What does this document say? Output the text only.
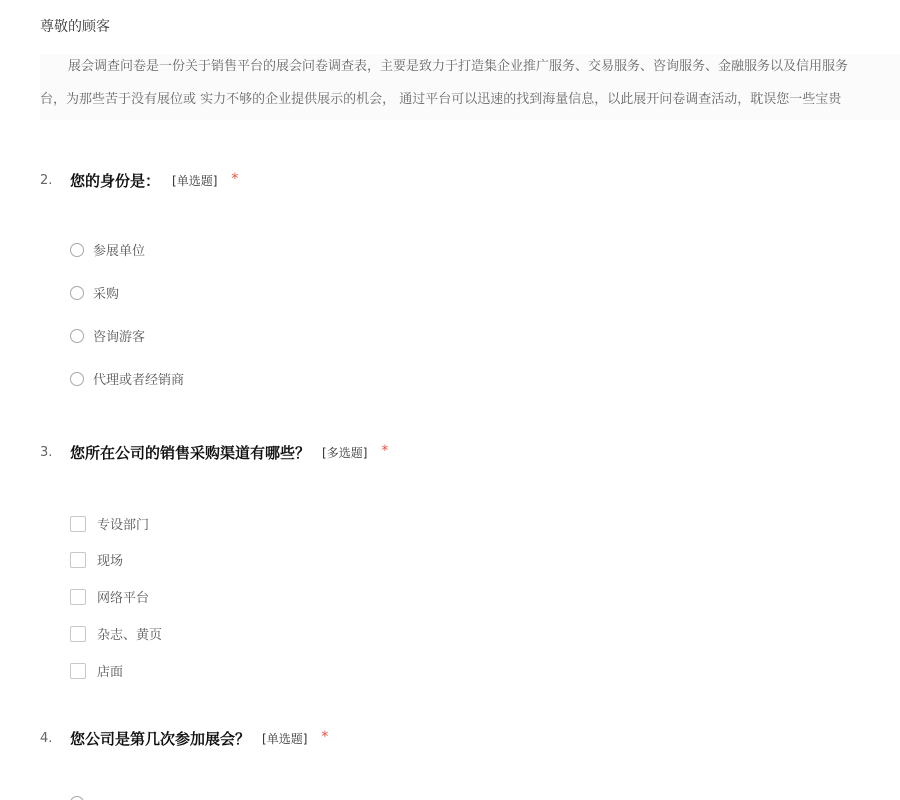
尊敬的顾客
展会调查问卷是一份关于销售平台的展会问卷调查表，主要是致力于打造集企业推广服务、交易服务、咨询服务、金融服务以及信用服务
台，为那些苦于没有展位或 实力不够的企业提供展示的机会， 通过平台可以迅速的找到海量信息，以此展开问卷调查活动，耽误您一些宝贵
2.	您的身份是： [单选题] *
参展单位
采购
咨询游客
代理或者经销商
3.	您所在公司的销售采购渠道有哪些？ [多选题] *
专设部门
现场
网络平台
杂志、黄页
店面
4.	您公司是第几次参加展会？ [单选题] *
